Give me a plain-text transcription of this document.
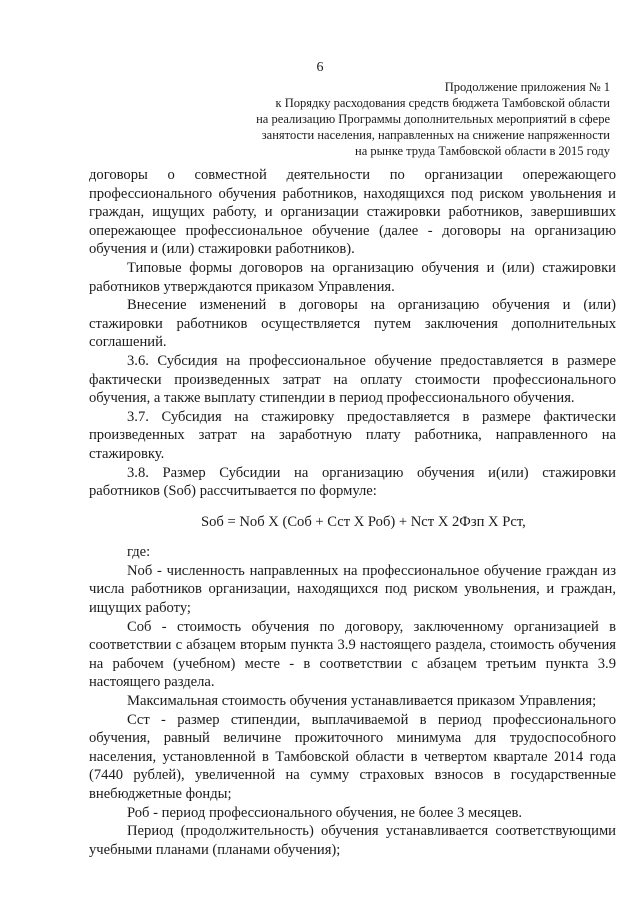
6
Продолжение приложения № 1
к Порядку расходования средств бюджета Тамбовской области
на реализацию Программы дополнительных мероприятий в сфере
занятости населения, направленных на снижение напряженности
на рынке труда Тамбовской области в 2015 году

договоры о совместной деятельности по организации опережающего профессионального обучения работников, находящихся под риском увольнения и граждан, ищущих работу, и организации стажировки работников, завершивших опережающее профессиональное обучение (далее - договоры на организацию обучения и (или) стажировки работников).

Типовые формы договоров на организацию обучения и (или) стажировки работников утверждаются приказом Управления.

Внесение изменений в договоры на организацию обучения и (или) стажировки работников осуществляется путем заключения дополнительных соглашений.

3.6. Субсидия на профессиональное обучение предоставляется в размере фактически произведенных затрат на оплату стоимости профессионального обучения, а также выплату стипендии в период профессионального обучения.

3.7. Субсидия на стажировку предоставляется в размере фактически произведенных затрат на заработную плату работника, направленного на стажировку.

3.8. Размер Субсидии на организацию обучения и(или) стажировки работников (Sоб) рассчитывается по формуле:

Sоб = Nоб X (Соб + Сст X Роб) + Nст X 2Фзп X Рст,

где:

Nоб - численность направленных на профессиональное обучение граждан из числа работников организации, находящихся под риском увольнения, и граждан, ищущих работу;

Соб - стоимость обучения по договору, заключенному организацией в соответствии с абзацем вторым пункта 3.9 настоящего раздела, стоимость обучения на рабочем (учебном) месте - в соответствии с абзацем третьим пункта 3.9 настоящего раздела.

Максимальная стоимость обучения устанавливается приказом Управления;

Сст - размер стипендии, выплачиваемой в период профессионального обучения, равный величине прожиточного минимума для трудоспособного населения, установленной в Тамбовской области в четвертом квартале 2014 года (7440 рублей), увеличенной на сумму страховых взносов в государственные внебюджетные фонды;

Роб - период профессионального обучения, не более 3 месяцев.

Период (продолжительность) обучения устанавливается соответствующими учебными планами (планами обучения);
